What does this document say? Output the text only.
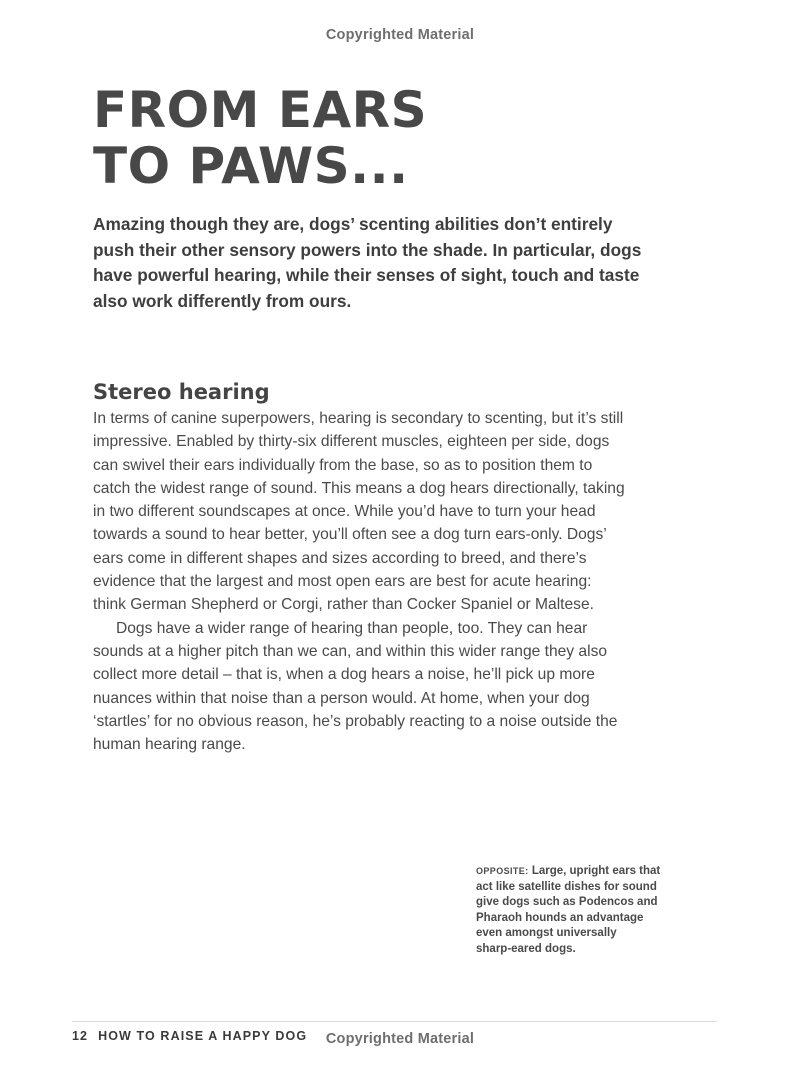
Copyrighted Material
FROM EARS
TO PAWS...

Amazing though they are, dogs’ scenting abilities don’t entirely
push their other sensory powers into the shade. In particular, dogs
have powerful hearing, while their senses of sight, touch and taste
also work differently from ours.

Stereo hearing
In terms of canine superpowers, hearing is secondary to scenting, but it’s still
impressive. Enabled by thirty-six different muscles, eighteen per side, dogs
can swivel their ears individually from the base, so as to position them to
catch the widest range of sound. This means a dog hears directionally, taking
in two different soundscapes at once. While you’d have to turn your head
towards a sound to hear better, you’ll often see a dog turn ears-only. Dogs’
ears come in different shapes and sizes according to breed, and there’s
evidence that the largest and most open ears are best for acute hearing:
think German Shepherd or Corgi, rather than Cocker Spaniel or Maltese.
Dogs have a wider range of hearing than people, too. They can hear
sounds at a higher pitch than we can, and within this wider range they also
collect more detail – that is, when a dog hears a noise, he’ll pick up more
nuances within that noise than a person would. At home, when your dog
‘startles’ for no obvious reason, he’s probably reacting to a noise outside the
human hearing range.
OPPOSITE: Large, upright ears that
act like satellite dishes for sound
give dogs such as Podencos and
Pharaoh hounds an advantage
even amongst universally
sharp-eared dogs.
12 HOW TO RAISE A HAPPY DOG	Copyrighted Material
